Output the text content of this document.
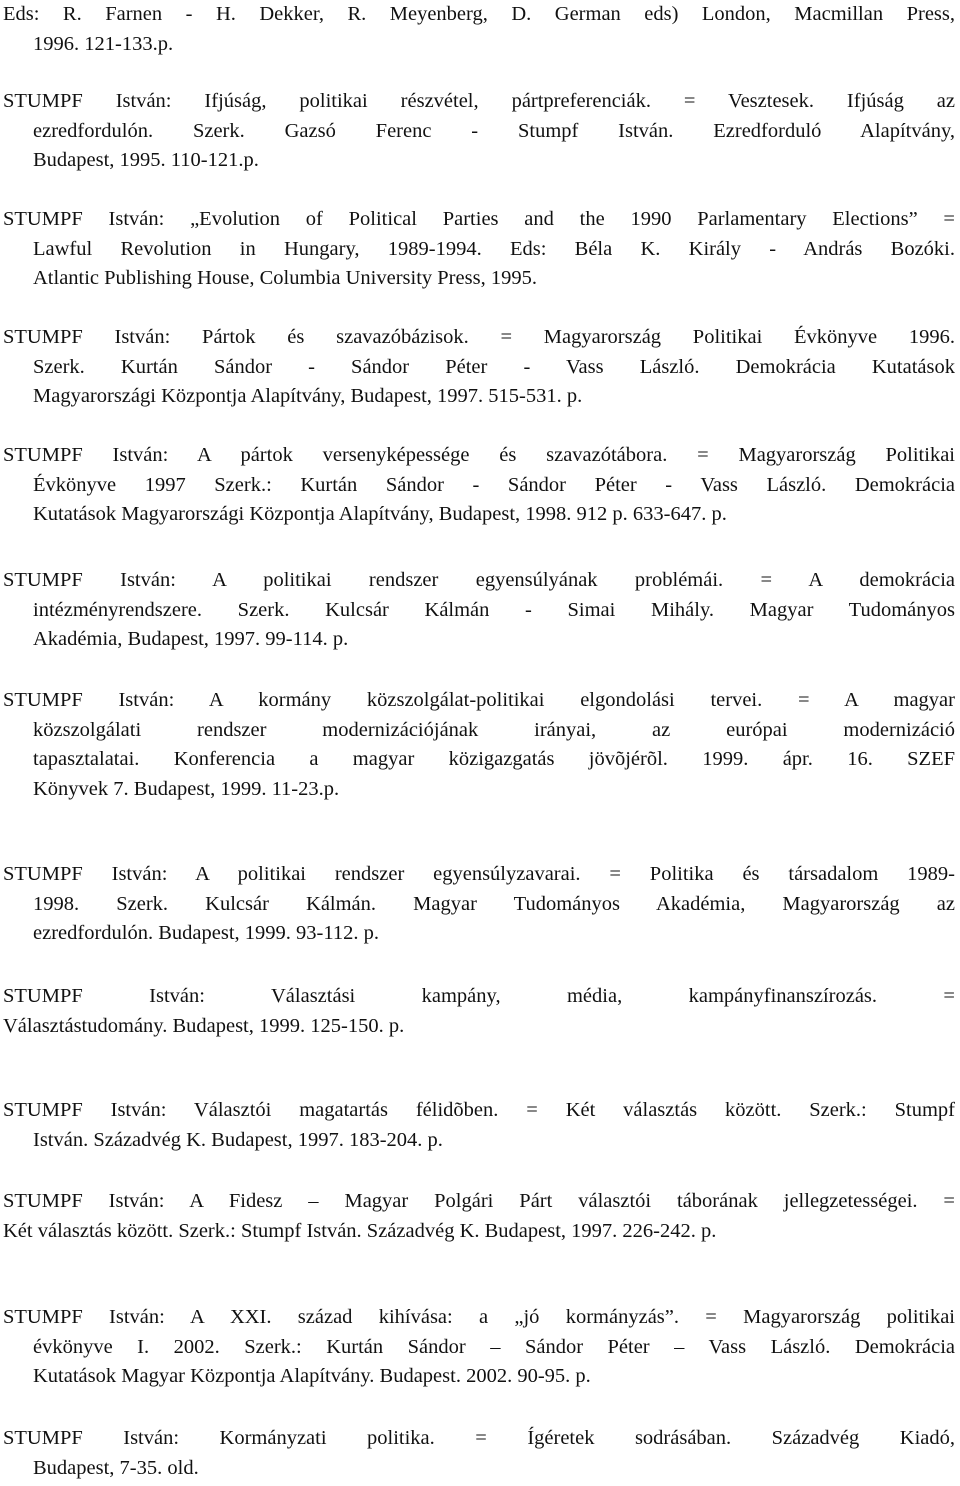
Eds: R. Farnen - H. Dekker, R. Meyenberg, D. German eds) London, Macmillan Press,
1996. 121-133.p.

STUMPF István: Ifjúság, politikai részvétel, pártpreferenciák. = Vesztesek. Ifjúság az
ezredfordulón. Szerk. Gazsó Ferenc - Stumpf István. Ezredforduló Alapítvány,
Budapest, 1995. 110-121.p.

STUMPF István: „Evolution of Political Parties and the 1990 Parlamentary Elections” =
Lawful Revolution in Hungary, 1989-1994. Eds: Béla K. Király - András Bozóki.
Atlantic Publishing House, Columbia University Press, 1995.

STUMPF István: Pártok és szavazóbázisok. = Magyarország Politikai Évkönyve 1996.
Szerk. Kurtán Sándor - Sándor Péter - Vass László. Demokrácia Kutatások
Magyarországi Központja Alapítvány, Budapest, 1997. 515-531. p.

STUMPF István: A pártok versenyképessége és szavazótábora. = Magyarország Politikai
Évkönyve 1997 Szerk.: Kurtán Sándor - Sándor Péter - Vass László. Demokrácia
Kutatások Magyarországi Központja Alapítvány, Budapest, 1998. 912 p. 633-647. p.

STUMPF István: A politikai rendszer egyensúlyának problémái. = A demokrácia
intézményrendszere. Szerk. Kulcsár Kálmán - Simai Mihály. Magyar Tudományos
Akadémia, Budapest, 1997. 99-114. p.

STUMPF István: A kormány közszolgálat-politikai elgondolási tervei. = A magyar
közszolgálati rendszer modernizációjának irányai, az európai modernizáció
tapasztalatai. Konferencia a magyar közigazgatás jövõjérõl. 1999. ápr. 16. SZEF
Könyvek 7. Budapest, 1999. 11-23.p.

STUMPF István: A politikai rendszer egyensúlyzavarai. = Politika és társadalom 1989-
1998. Szerk. Kulcsár Kálmán. Magyar Tudományos Akadémia, Magyarország az
ezredfordulón. Budapest, 1999. 93-112. p.

STUMPF István: Választási kampány, média, kampányfinanszírozás. =
Választástudomány. Budapest, 1999. 125-150. p.

STUMPF István: Választói magatartás félidõben. = Két választás között. Szerk.: Stumpf
István. Századvég K. Budapest, 1997. 183-204. p.

STUMPF István: A Fidesz – Magyar Polgári Párt választói táborának jellegzetességei. =
Két választás között. Szerk.: Stumpf István. Századvég K. Budapest, 1997. 226-242. p.

STUMPF István: A XXI. század kihívása: a „jó kormányzás”. = Magyarország politikai
évkönyve I. 2002. Szerk.: Kurtán Sándor – Sándor Péter – Vass László. Demokrácia
Kutatások Magyar Központja Alapítvány. Budapest. 2002. 90-95. p.

STUMPF István: Kormányzati politika. = Ígéretek sodrásában. Századvég Kiadó,
Budapest, 7-35. old.
